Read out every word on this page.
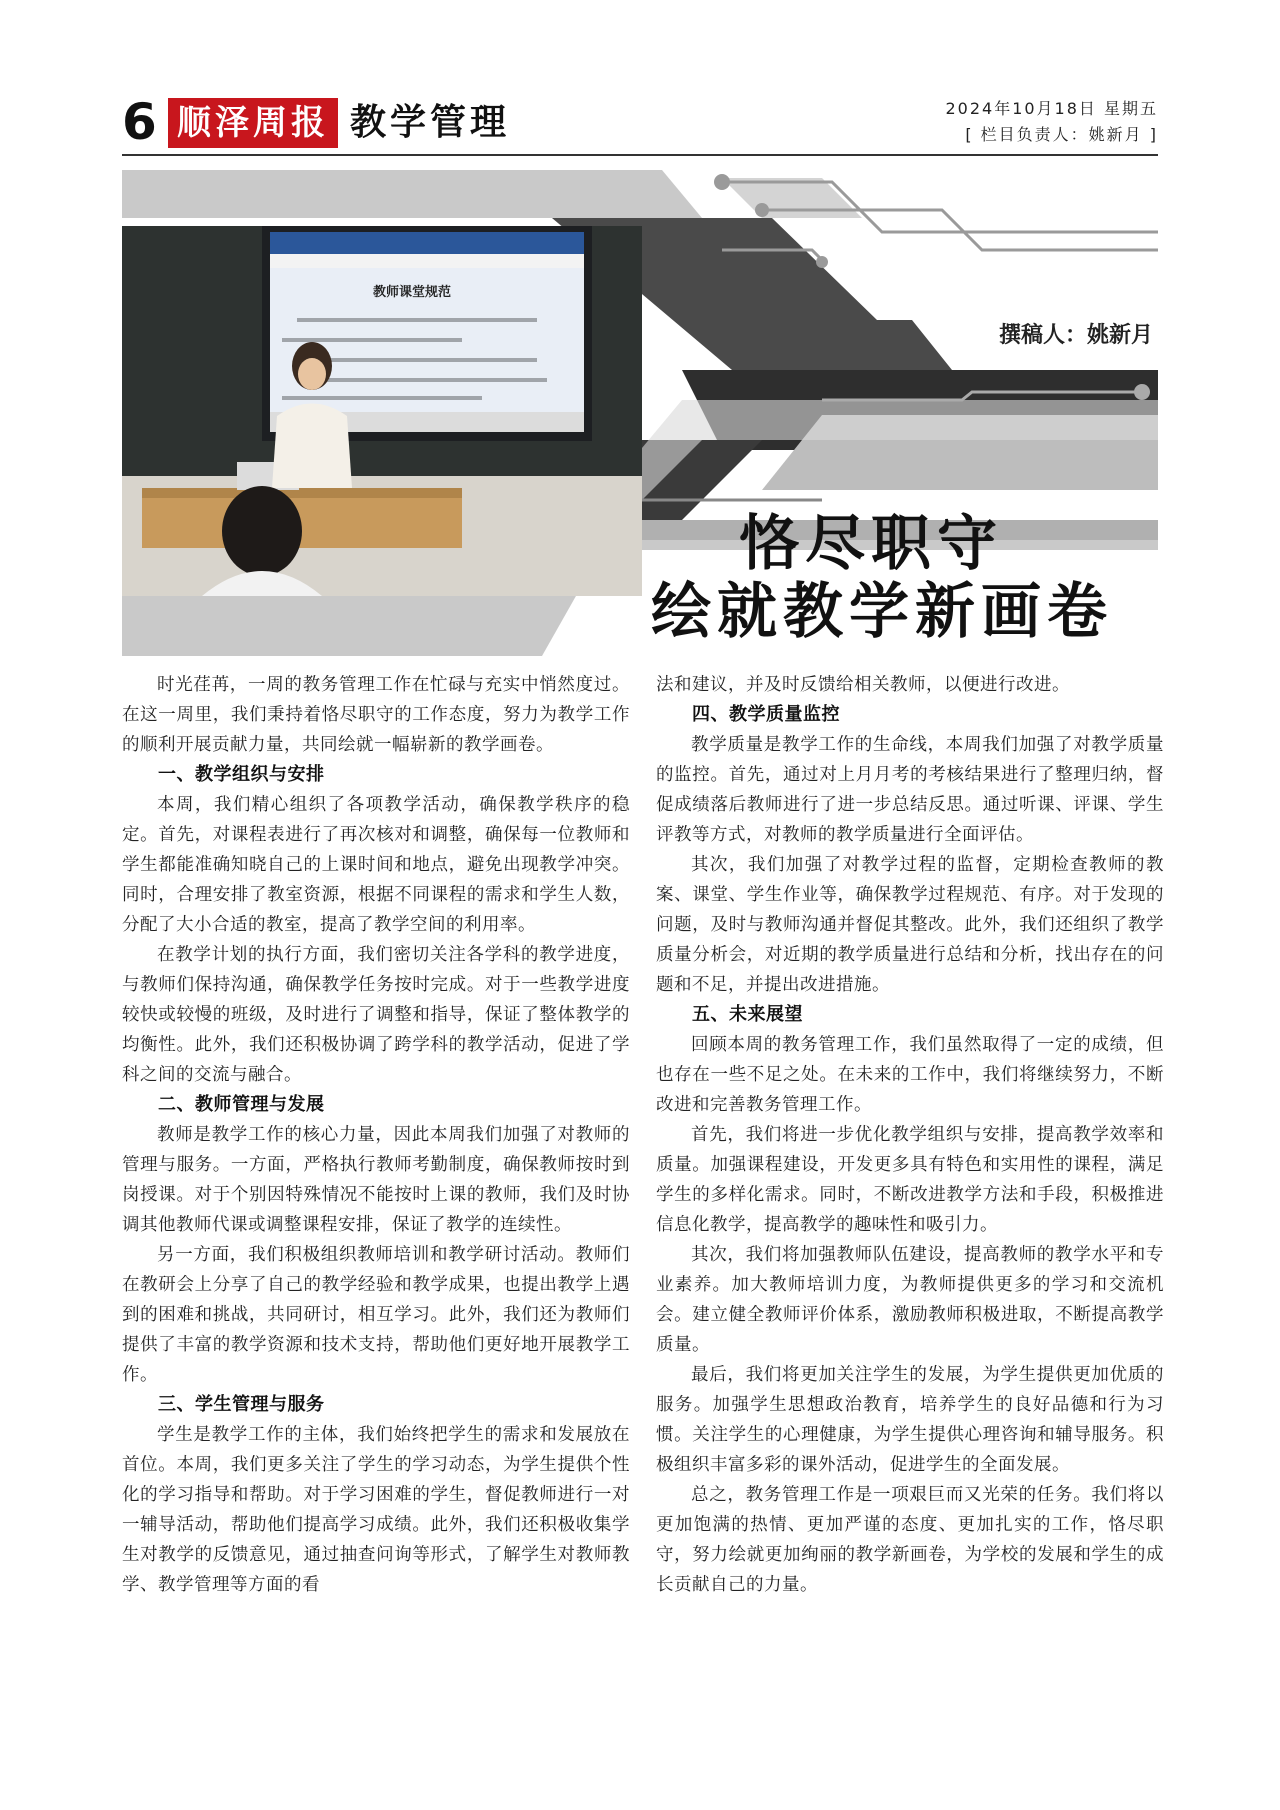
6 顺泽周报 教学管理	2024年10月18日 星期五
[ 栏目负责人：姚新月 ]
教师课堂规范
撰稿人：姚新月
恪尽职守
绘就教学新画卷

时光荏苒，一周的教务管理工作在忙碌与充实中悄然度过。在这一周里，我们秉持着恪尽职守的工作态度，努力为教学工作的顺利开展贡献力量，共同绘就一幅崭新的教学画卷。

一、教学组织与安排

本周，我们精心组织了各项教学活动，确保教学秩序的稳定。首先，对课程表进行了再次核对和调整，确保每一位教师和学生都能准确知晓自己的上课时间和地点，避免出现教学冲突。同时，合理安排了教室资源，根据不同课程的需求和学生人数，分配了大小合适的教室，提高了教学空间的利用率。

在教学计划的执行方面，我们密切关注各学科的教学进度，与教师们保持沟通，确保教学任务按时完成。对于一些教学进度较快或较慢的班级，及时进行了调整和指导，保证了整体教学的均衡性。此外，我们还积极协调了跨学科的教学活动，促进了学科之间的交流与融合。

二、教师管理与发展

教师是教学工作的核心力量，因此本周我们加强了对教师的管理与服务。一方面，严格执行教师考勤制度，确保教师按时到岗授课。对于个别因特殊情况不能按时上课的教师，我们及时协调其他教师代课或调整课程安排，保证了教学的连续性。

另一方面，我们积极组织教师培训和教学研讨活动。教师们在教研会上分享了自己的教学经验和教学成果，也提出教学上遇到的困难和挑战，共同研讨，相互学习。此外，我们还为教师们提供了丰富的教学资源和技术支持，帮助他们更好地开展教学工作。

三、学生管理与服务

学生是教学工作的主体，我们始终把学生的需求和发展放在首位。本周，我们更多关注了学生的学习动态，为学生提供个性化的学习指导和帮助。对于学习困难的学生，督促教师进行一对一辅导活动，帮助他们提高学习成绩。此外，我们还积极收集学生对教学的反馈意见，通过抽查问询等形式，了解学生对教师教学、教学管理等方面的看

法和建议，并及时反馈给相关教师，以便进行改进。

四、教学质量监控

教学质量是教学工作的生命线，本周我们加强了对教学质量的监控。首先，通过对上月月考的考核结果进行了整理归纳，督促成绩落后教师进行了进一步总结反思。通过听课、评课、学生评教等方式，对教师的教学质量进行全面评估。

其次，我们加强了对教学过程的监督，定期检查教师的教案、课堂、学生作业等，确保教学过程规范、有序。对于发现的问题，及时与教师沟通并督促其整改。此外，我们还组织了教学质量分析会，对近期的教学质量进行总结和分析，找出存在的问题和不足，并提出改进措施。

五、未来展望

回顾本周的教务管理工作，我们虽然取得了一定的成绩，但也存在一些不足之处。在未来的工作中，我们将继续努力，不断改进和完善教务管理工作。

首先，我们将进一步优化教学组织与安排，提高教学效率和质量。加强课程建设，开发更多具有特色和实用性的课程，满足学生的多样化需求。同时，不断改进教学方法和手段，积极推进信息化教学，提高教学的趣味性和吸引力。

其次，我们将加强教师队伍建设，提高教师的教学水平和专业素养。加大教师培训力度，为教师提供更多的学习和交流机会。建立健全教师评价体系，激励教师积极进取，不断提高教学质量。

最后，我们将更加关注学生的发展，为学生提供更加优质的服务。加强学生思想政治教育，培养学生的良好品德和行为习惯。关注学生的心理健康，为学生提供心理咨询和辅导服务。积极组织丰富多彩的课外活动，促进学生的全面发展。

总之，教务管理工作是一项艰巨而又光荣的任务。我们将以更加饱满的热情、更加严谨的态度、更加扎实的工作，恪尽职守，努力绘就更加绚丽的教学新画卷，为学校的发展和学生的成长贡献自己的力量。
